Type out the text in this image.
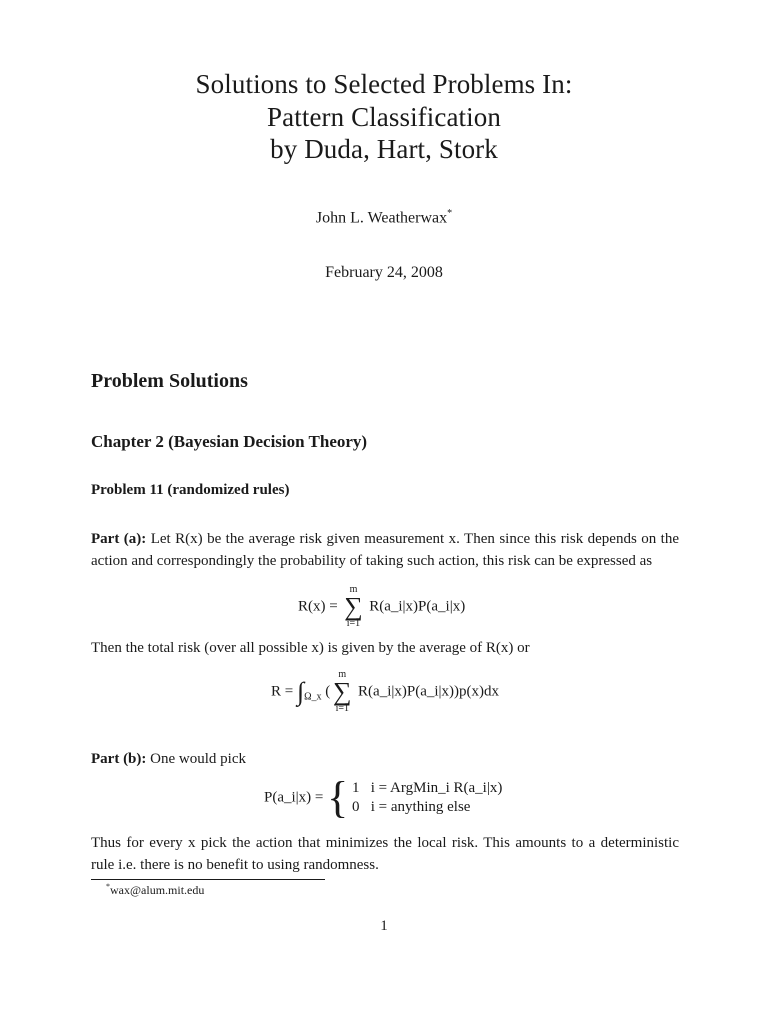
Solutions to Selected Problems In:
Pattern Classification
by Duda, Hart, Stork
John L. Weatherwax*
February 24, 2008
Problem Solutions
Chapter 2 (Bayesian Decision Theory)
Problem 11 (randomized rules)
Part (a): Let R(x) be the average risk given measurement x. Then since this risk depends on the action and correspondingly the probability of taking such action, this risk can be expressed as
R(x) =
m
∑
i=1
R(a_i|x)P(a_i|x)
Then the total risk (over all possible x) is given by the average of R(x) or
$R = \int_{\Omega\_x}$ (
m
∑
i=1
R(a_i|x)P(a_i|x))p(x)dx
Part (b): One would pick
P(a_i|x) = { 1 i = ArgMin_i R(a_i|x)
0 i = anything else
Thus for every x pick the action that minimizes the local risk. This amounts to a deterministic rule i.e. there is no benefit to using randomness.
*wax@alum.mit.edu
1
